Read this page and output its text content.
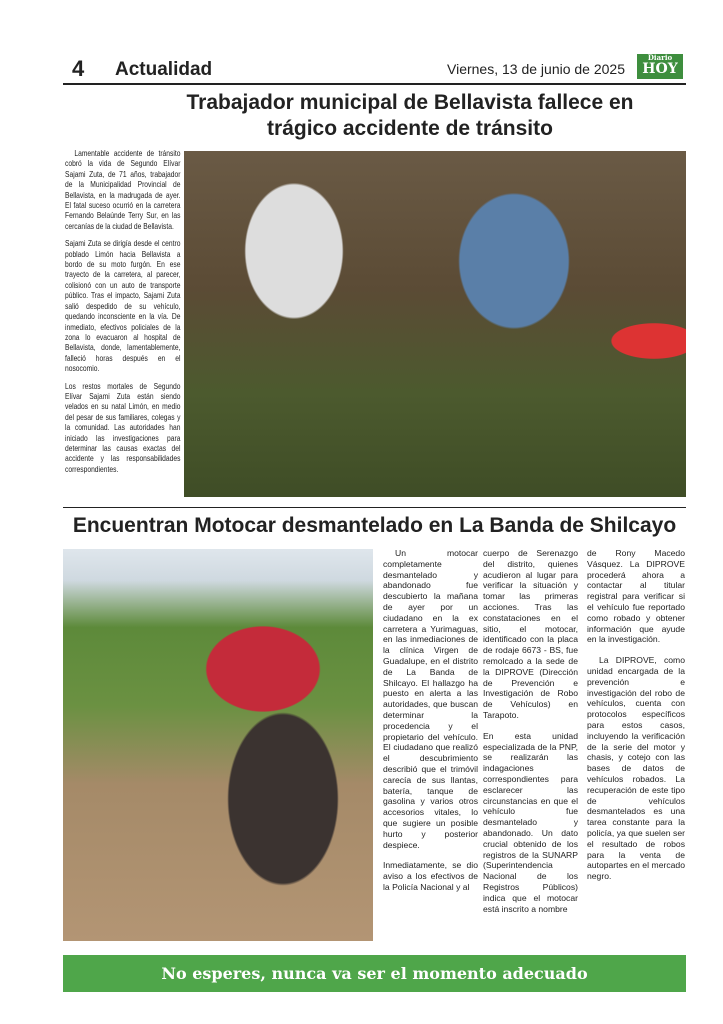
4 Actualidad	Viernes, 13 de junio de 2025
Diario
HOY
Trabajador municipal de Bellavista fallece en trágico accidente de tránsito

Lamentable accidente de tránsito cobró la vida de Segundo Elívar Sajami Zuta, de 71 años, trabajador de la Municipalidad Provincial de Bellavista, en la madrugada de ayer. El fatal suceso ocurrió en la carretera Fernando Belaúnde Terry Sur, en las cercanías de la ciudad de Bellavista.

Sajami Zuta se dirigía desde el centro poblado Limón hacia Bellavista a bordo de su moto furgón. En ese trayecto de la carretera, al parecer, colisionó con un auto de transporte público. Tras el impacto, Sajami Zuta salió despedido de su vehículo, quedando inconsciente en la vía. De inmediato, efectivos policiales de la zona lo evacuaron al hospital de Bellavista, donde, lamentablemente, falleció horas después en el nosocomio.

Los restos mortales de Segundo Elívar Sajami Zuta están siendo velados en su natal Limón, en medio del pesar de sus familiares, colegas y la comunidad. Las autoridades han iniciado las investigaciones para determinar las causas exactas del accidente y las responsabilidades correspondientes.

Encuentran Motocar desmantelado en La Banda de Shilcayo

Un motocar completamente desmantelado y abandonado fue descubierto la mañana de ayer por un ciudadano en la ex carretera a Yurimaguas, en las inmediaciones de la clínica Virgen de Guadalupe, en el distrito de La Banda de Shilcayo. El hallazgo ha puesto en alerta a las autoridades, que buscan determinar la procedencia y el propietario del vehículo. El ciudadano que realizó el descubrimiento describió que el trimóvil carecía de sus llantas, batería, tanque de gasolina y varios otros accesorios vitales, lo que sugiere un posible hurto y posterior despiece.

Inmediatamente, se dio aviso a los efectivos de la Policía Nacional y al

cuerpo de Serenazgo del distrito, quienes acudieron al lugar para verificar la situación y tomar las primeras acciones. Tras las constataciones en el sitio, el motocar, identificado con la placa de rodaje 6673 - BS, fue remolcado a la sede de la DIPROVE (Dirección de Prevención e Investigación de Robo de Vehículos) en Tarapoto.

En esta unidad especializada de la PNP, se realizarán las indagaciones correspondientes para esclarecer las circunstancias en que el vehículo fue desmantelado y abandonado. Un dato crucial obtenido de los registros de la SUNARP (Superintendencia Nacional de los Registros Públicos) indica que el motocar está inscrito a nombre

de Rony Macedo Vásquez. La DIPROVE procederá ahora a contactar al titular registral para verificar si el vehículo fue reportado como robado y obtener información que ayude en la investigación.

La DIPROVE, como unidad encargada de la prevención e investigación del robo de vehículos, cuenta con protocolos específicos para estos casos, incluyendo la verificación de la serie del motor y chasis, y cotejo con las bases de datos de vehículos robados. La recuperación de este tipo de vehículos desmantelados es una tarea constante para la policía, ya que suelen ser el resultado de robos para la venta de autopartes en el mercado negro.

No esperes, nunca va ser el momento adecuado
